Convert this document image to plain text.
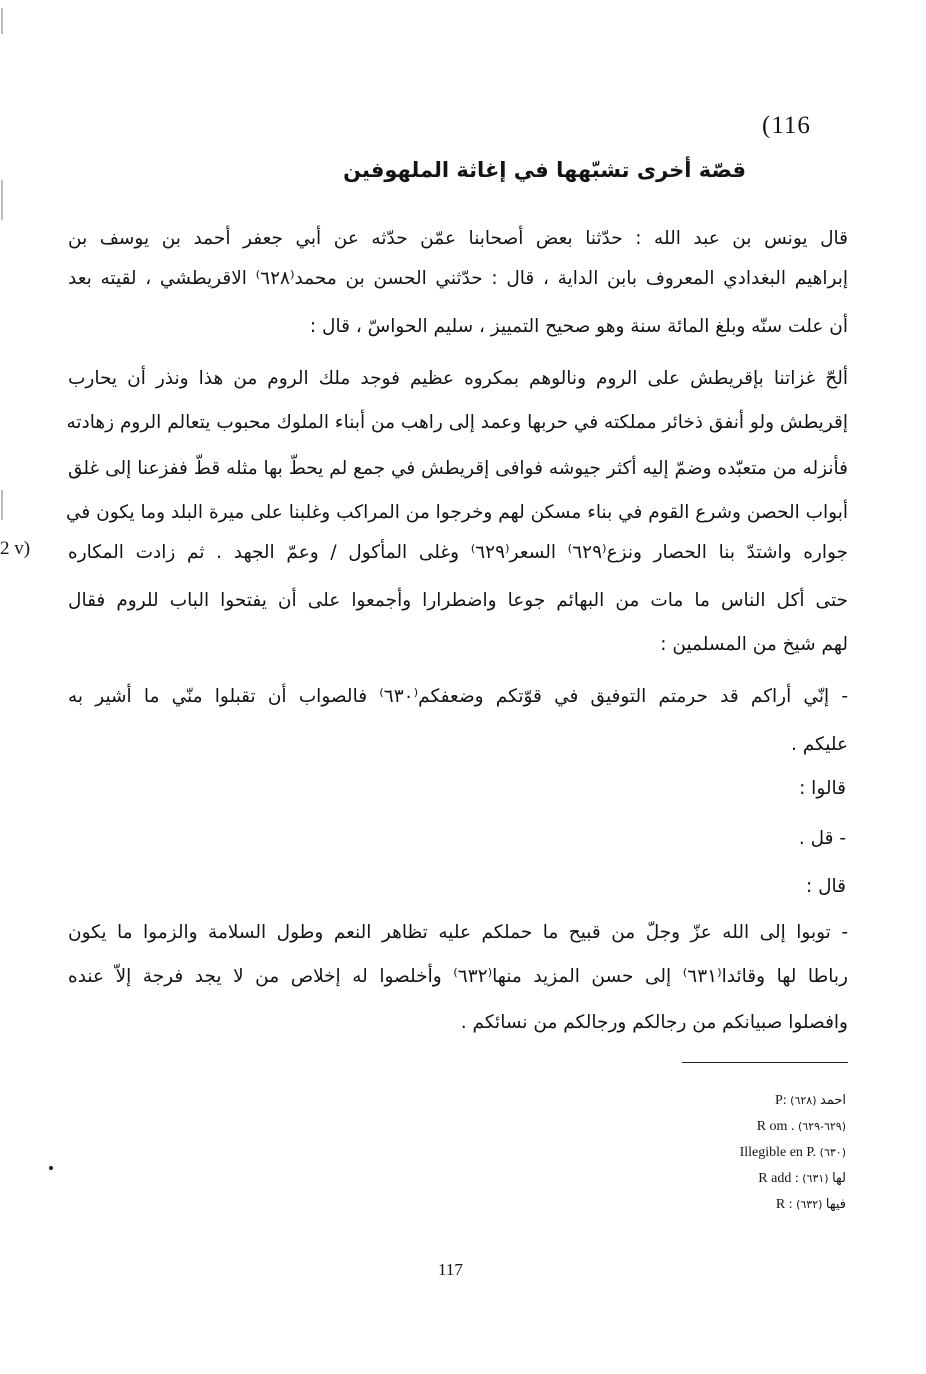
(116
قصّة أخرى تشبّهها في إغاثة الملهوفين
قال يونس بن عبد الله : حدّثنا بعض أصحابنا عمّن حدّثه عن أبي جعفر أحمد بن يوسف بن
إبراهيم البغدادي المعروف بابن الداية ، قال : حدّثني الحسن بن محمد⁽٦٢٨⁾ الاقريطشي ، لقيته بعد
أن علت سنّه وبلغ المائة سنة وهو صحيح التمييز ، سليم الحواسّ ، قال :
ألحّ غزاتنا بإقريطش على الروم ونالوهم بمكروه عظيم فوجد ملك الروم من هذا ونذر أن يحارب
إقريطش ولو أنفق ذخائر مملكته في حربها وعمد إلى راهب من أبناء الملوك محبوب يتعالم الروم زهادته
فأنزله من متعبّده وضمّ إليه أكثر جيوشه فوافى إقريطش في جمع لم يحطّ بها مثله قطّ ففزعنا إلى غلق
أبواب الحصن وشرع القوم في بناء مسكن لهم وخرجوا من المراكب وغلبنا على ميرة البلد وما يكون في
جواره واشتدّ بنا الحصار ونزع⁽٦٢٩⁾ السعر⁽٦٢٩⁾ وغلى المأكول / وعمّ الجهد . ثم زادت المكاره
حتى أكل الناس ما مات من البهائم جوعا واضطرارا وأجمعوا على أن يفتحوا الباب للروم فقال
لهم شيخ من المسلمين :
- إنّي أراكم قد حرمتم التوفيق في قوّتكم وضعفكم⁽٦٣٠⁾ فالصواب أن تقبلوا منّي ما أشير به
عليكم .
قالوا :
- قل .
قال :
- توبوا إلى الله عزّ وجلّ من قبيح ما حملكم عليه تظاهر النعم وطول السلامة والزموا ما يكون
رباطا لها وقائدا⁽٦٣١⁾ إلى حسن المزيد منها⁽٦٣٢⁾ وأخلصوا له إخلاص من لا يجد فرجة إلاّ عنده
وافصلوا صبيانكم من رجالكم ورجالكم من نسائكم .
2 v)
P:	احمد (٦٢٨)
R om . (٦٢٩-٦٢٩)
Illegible en P. (٦٣٠)
R add :	لها (٦٣١)
R :	فيها (٦٣٢)
117
